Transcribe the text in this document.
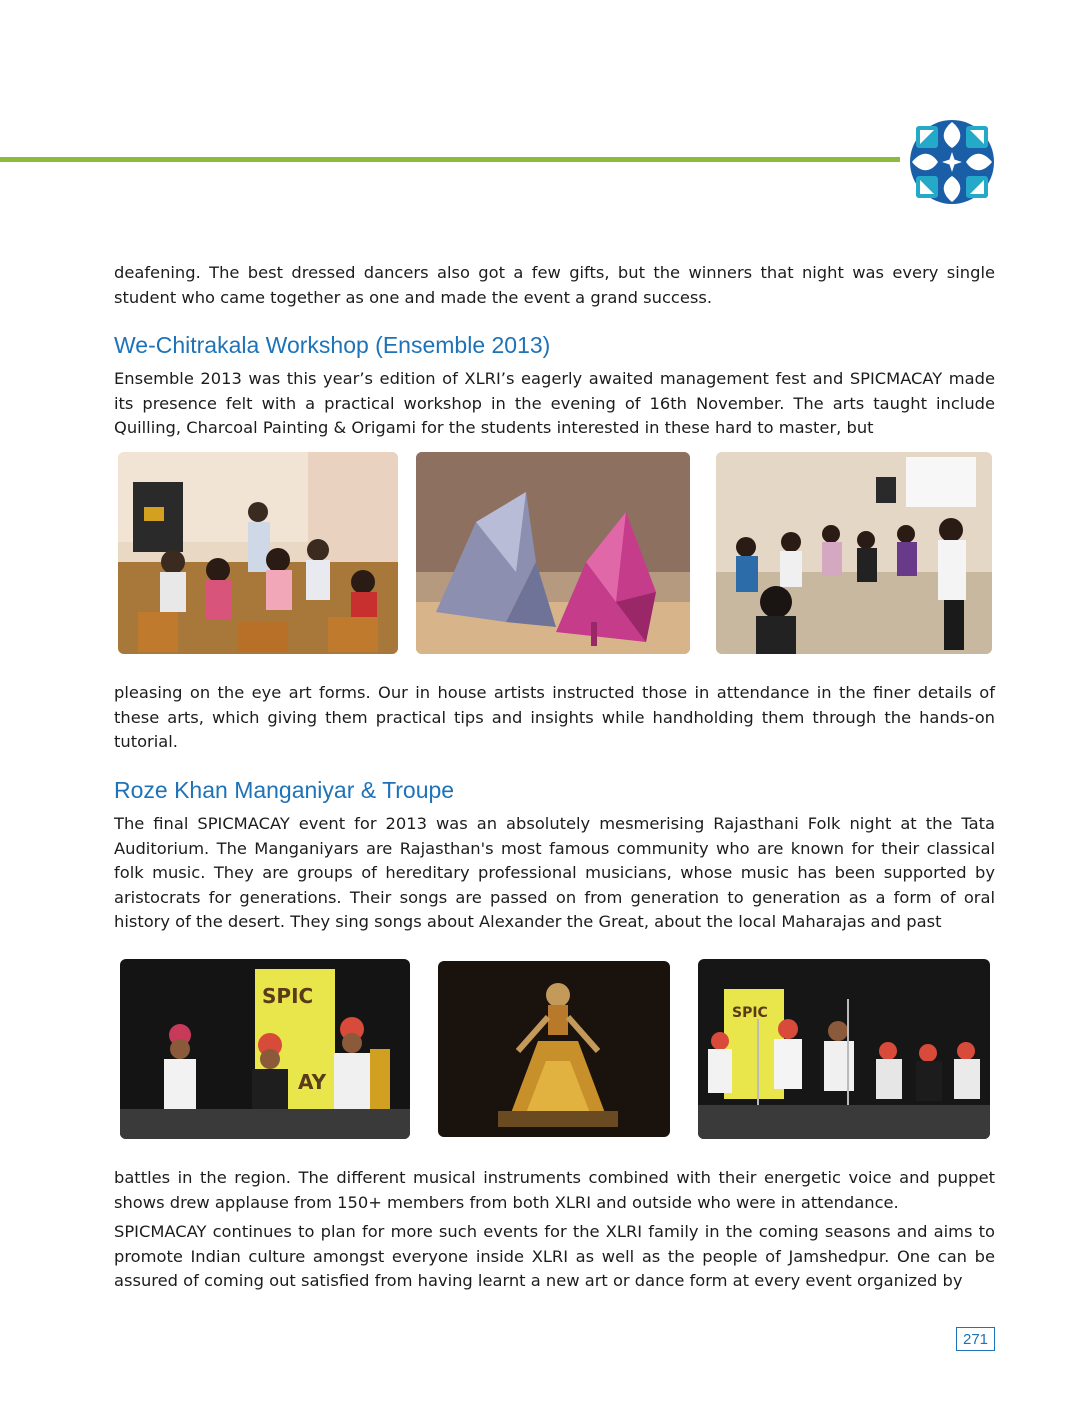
deafening. The best dressed dancers also got a few gifts, but the winners that night was every single student who came together as one and made the event a grand success.

We-Chitrakala Workshop (Ensemble 2013)

Ensemble 2013 was this year’s edition of XLRI’s eagerly awaited management fest and SPICMACAY made its presence felt with a practical workshop in the evening of 16th November. The arts taught include Quilling, Charcoal Painting & Origami for the students interested in these hard to master, but

pleasing on the eye art forms. Our in house artists instructed those in attendance in the finer details of these arts, which giving them practical tips and insights while handholding them through the hands-on tutorial.

Roze Khan Manganiyar & Troupe

The final SPICMACAY event for 2013 was an absolutely mesmerising Rajasthani Folk night at the Tata Auditorium. The Manganiyars are Rajasthan's most famous community who are known for their classical folk music. They are groups of hereditary professional musicians, whose music has been supported by aristocrats for generations. Their songs are passed on from generation to generation as a form of oral history of the desert. They sing songs about Alexander the Great, about the local Maharajas and past

SPIC
AY
SPIC

battles in the region. The different musical instruments combined with their energetic voice and puppet shows drew applause from 150+ members from both XLRI and outside who were in attendance.

SPICMACAY continues to plan for more such events for the XLRI family in the coming seasons and aims to promote Indian culture amongst everyone inside XLRI as well as the people of Jamshedpur. One can be assured of coming out satisfied from having learnt a new art or dance form at every event organized by

271
